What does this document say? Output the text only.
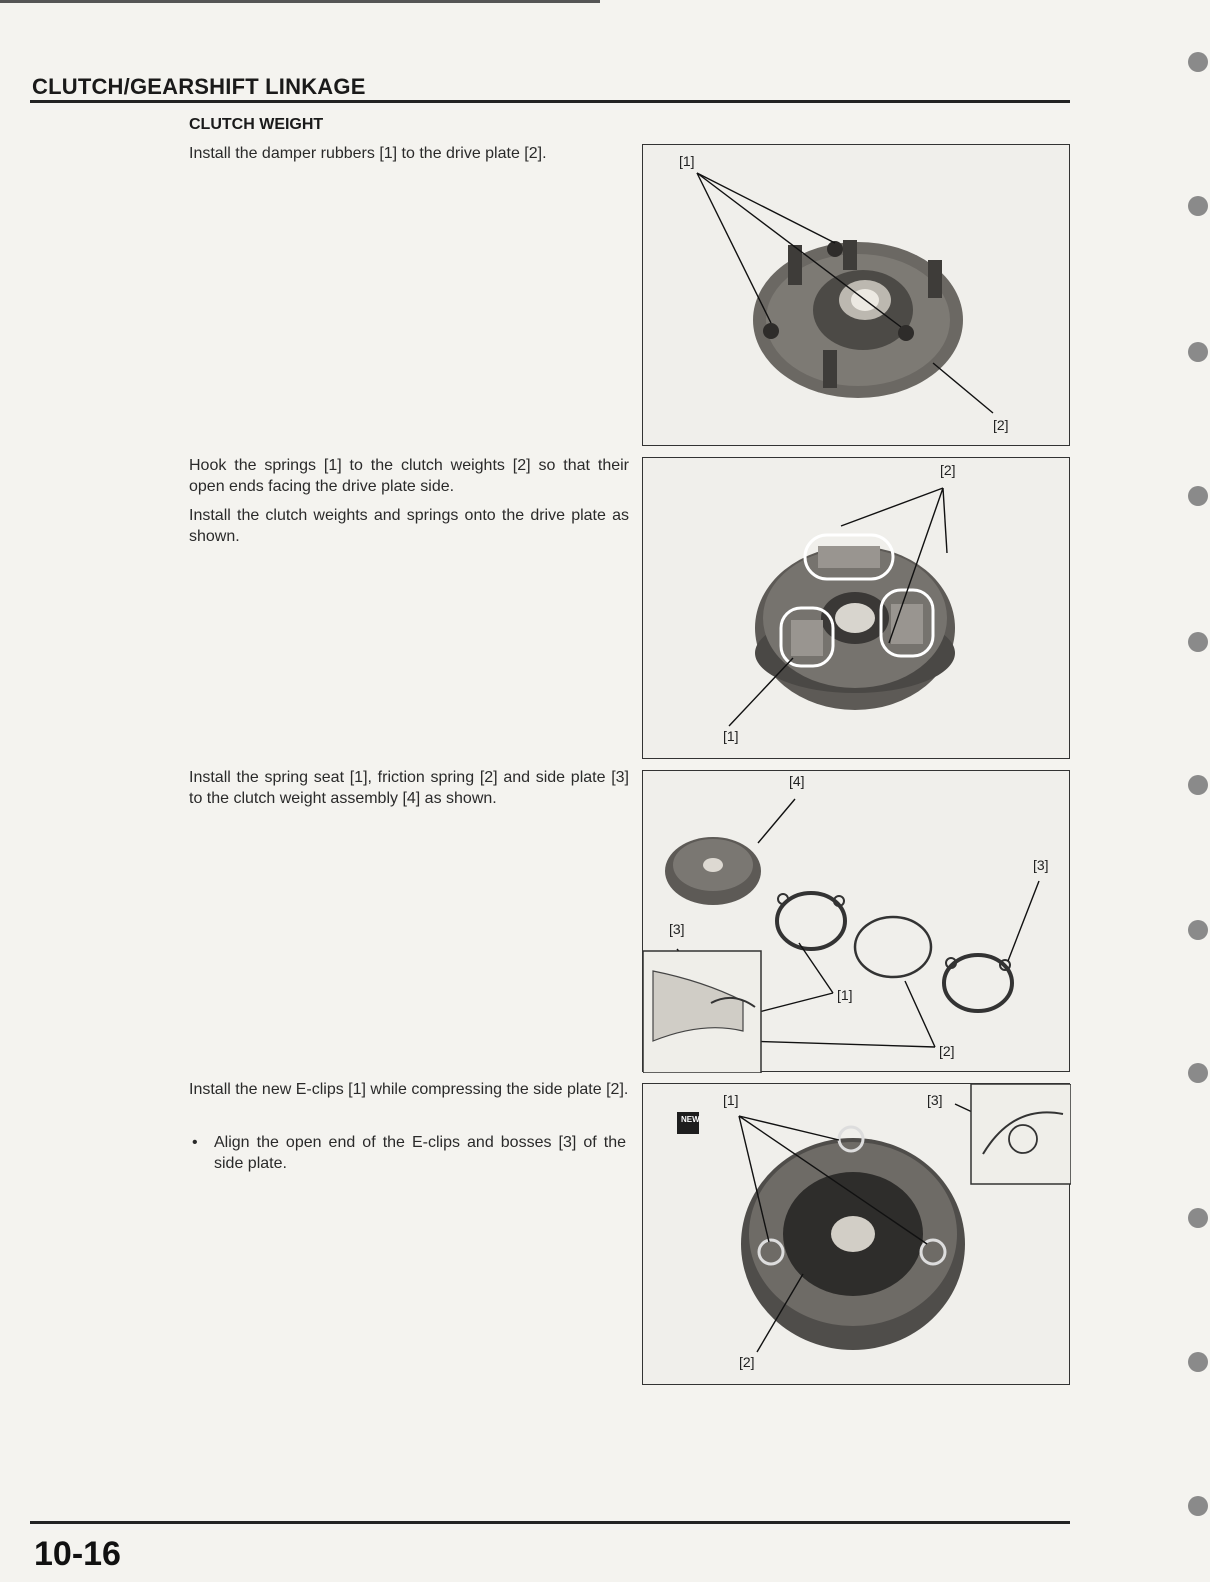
CLUTCH/GEARSHIFT LINKAGE
CLUTCH WEIGHT
Install the damper rubbers [1] to the drive plate [2].
Hook the springs [1] to the clutch weights [2] so that their open ends facing the drive plate side.
Install the clutch weights and springs onto the drive plate as shown.
Install the spring seat [1], friction spring [2] and side plate [3] to the clutch weight assembly [4] as shown.
Install the new E-clips [1] while compressing the side plate [2].
• Align the open end of the E-clips and bosses [3] of the side plate.
[1]
[2]
[2]
[1]
[4]
[3]
[3]
[1]
[2]
NEW
[1]	[3]
[2]
10-16
